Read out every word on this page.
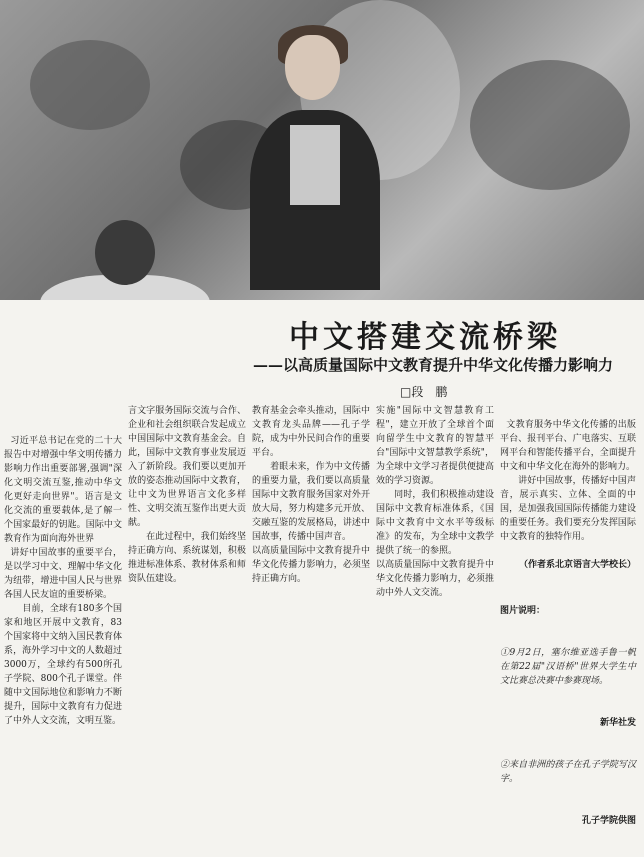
中文搭建交流桥梁
——以高质量国际中文教育提升中华文化传播力影响力
□段　鹏

习近平总书记在党的二十大报告中对增强中华文明传播力影响力作出重要部署,强调"深化文明交流互鉴,推动中华文化更好走向世界"。语言是文化交流的重要载体,是了解一个国家最好的钥匙。国际中文教育作为面向海外世界
讲好中国故事的重要平台，是以学习中文、理解中华文化为纽带，增进中国人民与世界各国人民友谊的重要桥梁。
　　目前，全球有180多个国家和地区开展中文教育，83个国家将中文纳入国民教育体系，海外学习中文的人数超过3000万，全球约有500所孔子学院、800个孔子课堂。伴随中文国际地位和影响力不断提升，国际中文教育有力促进了中外人文交流，文明互鉴。

言文字服务国际交流与合作、企业和社会组织联合发起成立中国国际中文教育基金会。自此，国际中文教育事业发展迈入了新阶段。我们要以更加开放的姿态推动国际中文教育，让中文为世界语言文化多样性、文明交流互鉴作出更大贡献。
　　在此过程中，我们始终坚持正确方向、系统谋划，积极推进标准体系、教材体系和师资队伍建设。
教育基金会牵头推动，国际中文教育龙头品牌——孔子学院，成为中外民间合作的重要平台。
　　着眼未来，作为中文传播的重要力量，我们要以高质量国际中文教育服务国家对外开放大局，努力构建多元开放、交融互鉴的发展格局，讲述中国故事，传播中国声音。
以高质量国际中文教育提升中华文化传播力影响力，必须坚持正确方向。
实施"国际中文智慧教育工程"，建立开放了全球首个面向留学生中文教育的智慧平台"国际中文智慧教学系统"，为全球中文学习者提供便捷高效的学习资源。
　　同时，我们积极推动建设国际中文教育标准体系，《国际中文教育中文水平等级标准》的发布，为全球中文教学提供了统一的参照。
以高质量国际中文教育提升中华文化传播力影响力，必须推动中外人文交流。

文教育服务中华文化传播的出版平台、报刊平台、广电落实、互联网平台和智能传播平台，全面提升中文和中华文化在海外的影响力。
　　讲好中国故事，传播好中国声音，展示真实、立体、全面的中国，是加强我国国际传播能力建设的重要任务。我们要充分发挥国际中文教育的独特作用。

（作者系北京语言大学校长）

图片说明：

①9月2日，塞尔维亚选手鲁一帆在第22届"汉语桥"世界大学生中文比赛总决赛中参赛现场。

新华社发

②来自非洲的孩子在孔子学院写汉字。

孔子学院供图
